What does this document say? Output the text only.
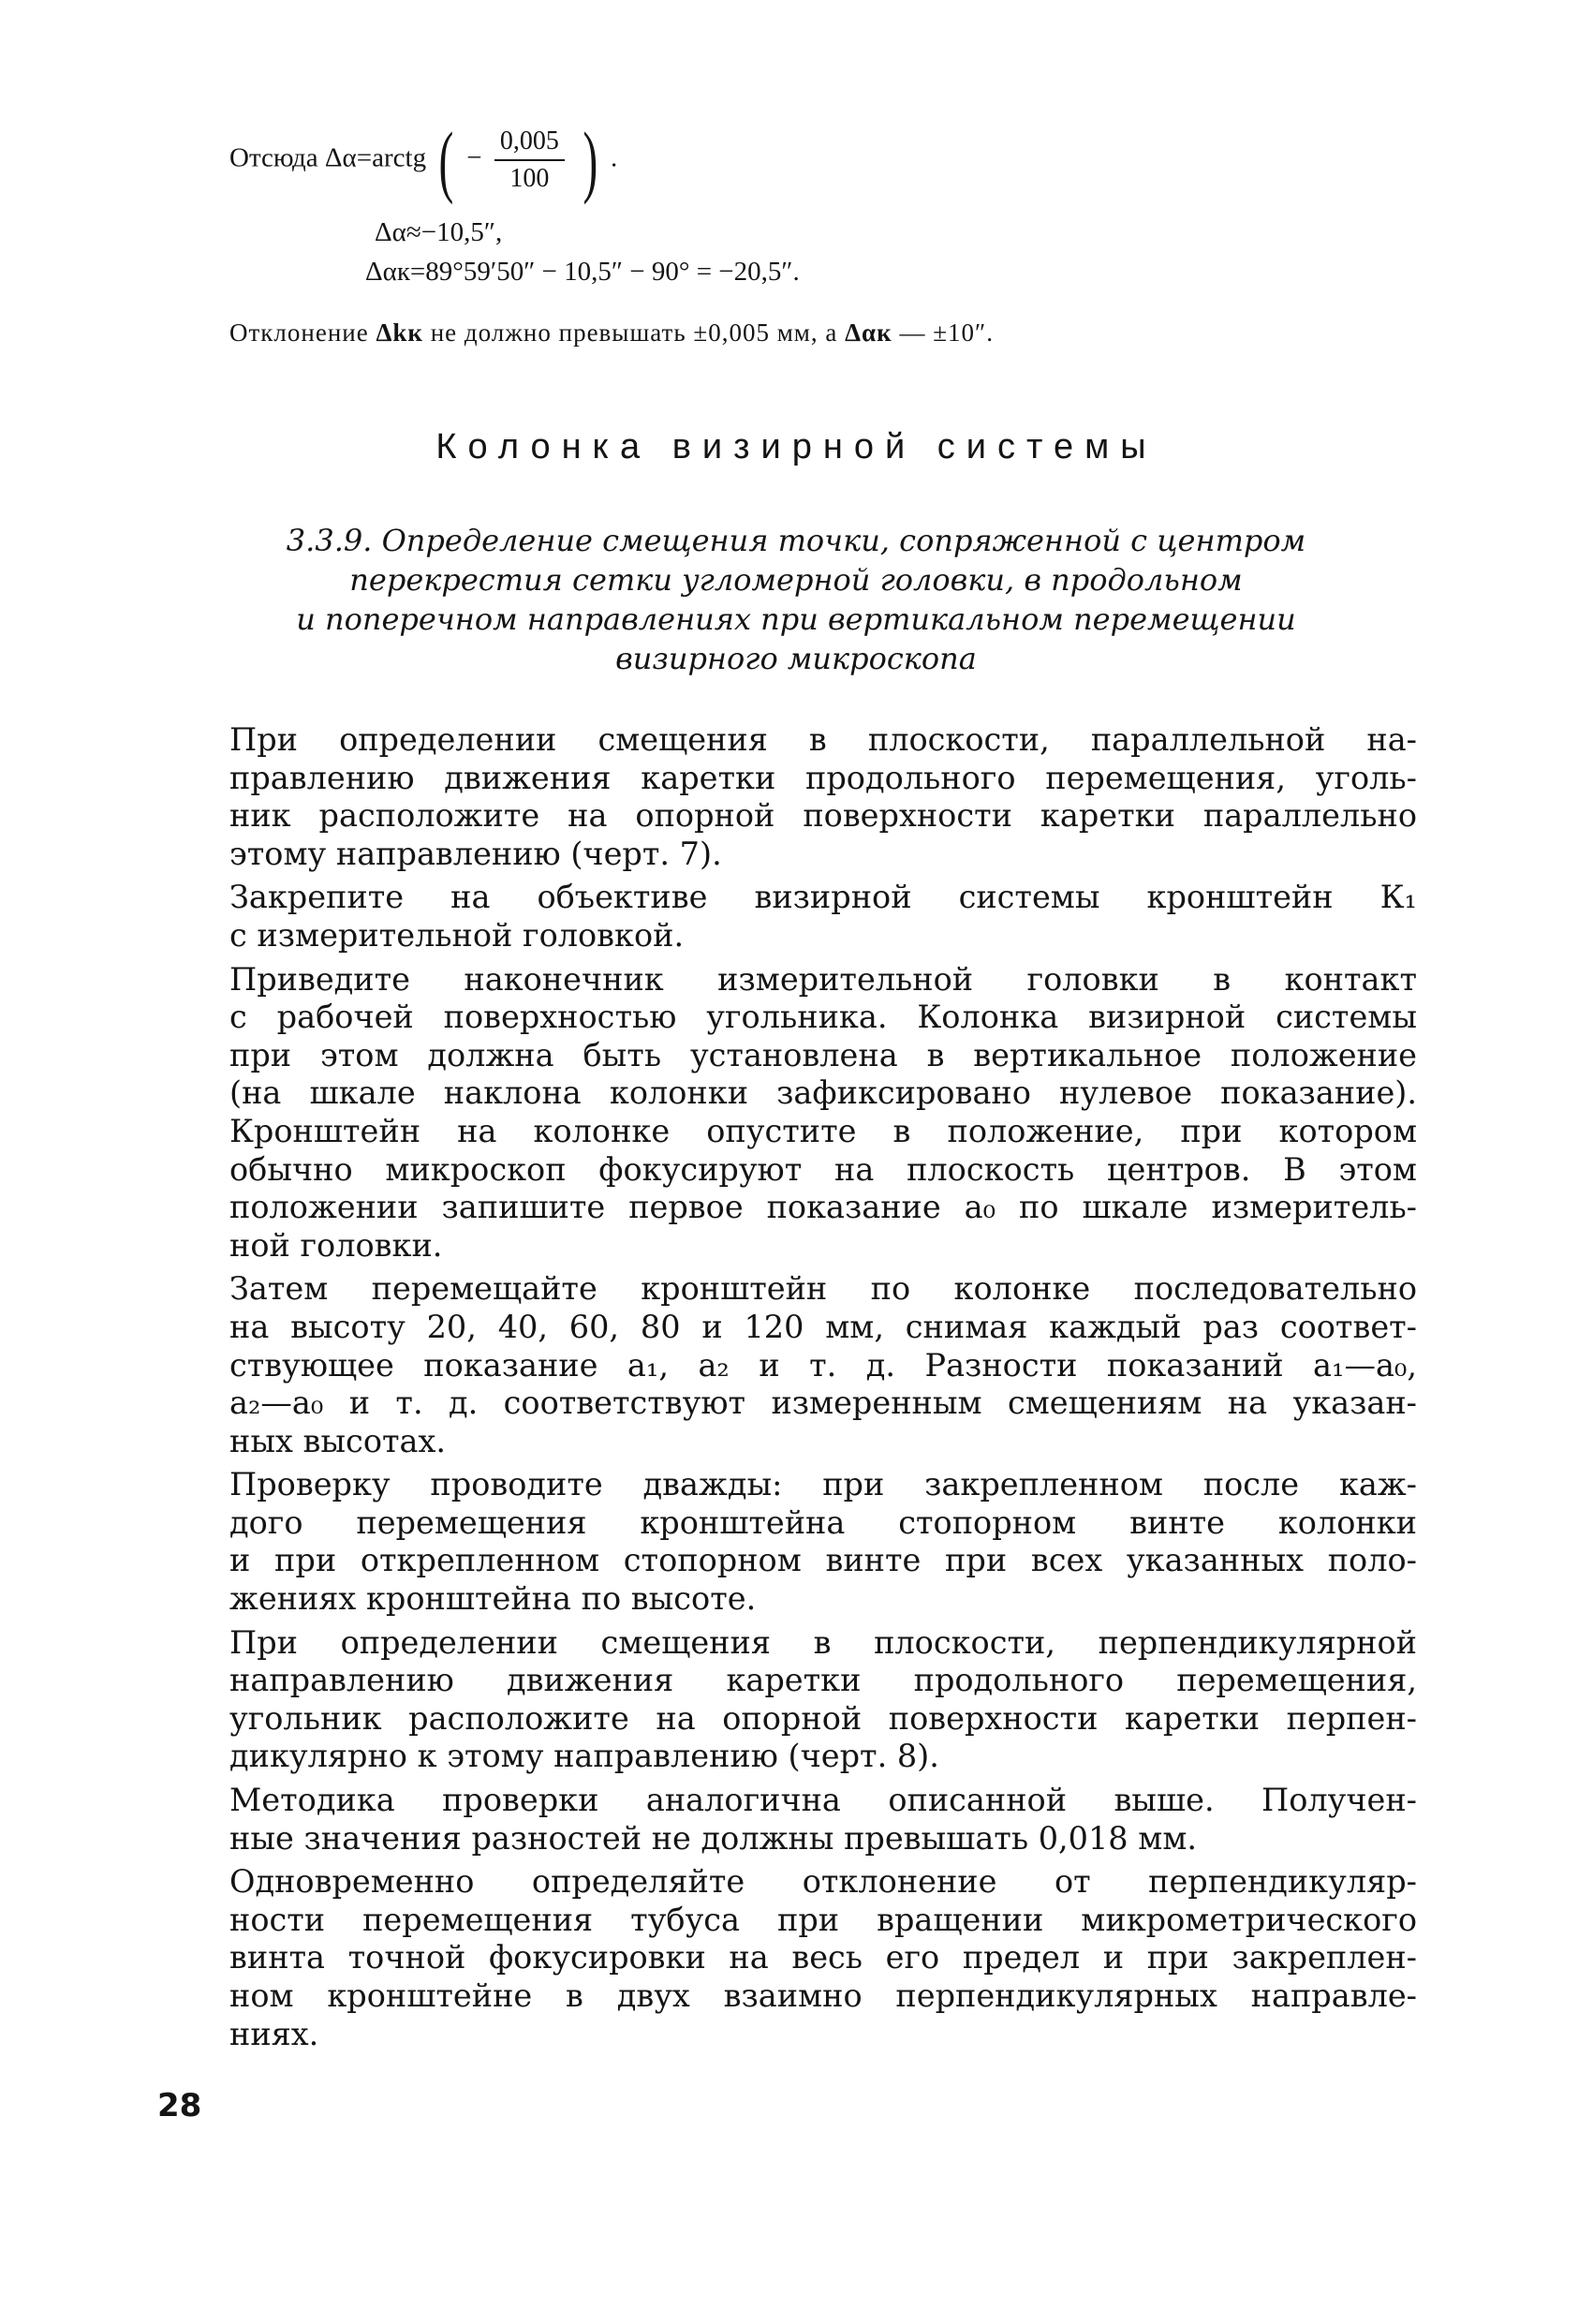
Отсюда Δα=arctg ( − $\frac{0,005}{100}$ ) .
Δα≈−10,5″,
Δαк=89°59′50″ − 10,5″ − 90° = −20,5″.
Отклонение Δkк не должно превышать ±0,005 мм, а Δαк — ±10″.
Колонка визирной системы
3.3.9. Определение смещения точки, сопряженной с центром
перекрестия сетки угломерной головки, в продольном
и поперечном направлениях при вертикальном перемещении
визирного микроскопа
При определении смещения в плоскости, параллельной на-
правлению движения каретки продольного перемещения, уголь-
ник расположите на опорной поверхности каретки параллельно
этому направлению (черт. 7).
Закрепите на объективе визирной системы кронштейн К₁
с измерительной головкой.
Приведите наконечник измерительной головки в контакт
с рабочей поверхностью угольника. Колонка визирной системы
при этом должна быть установлена в вертикальное положение
(на шкале наклона колонки зафиксировано нулевое показание).
Кронштейн на колонке опустите в положение, при котором
обычно микроскоп фокусируют на плоскость центров. В этом
положении запишите первое показание a₀ по шкале измеритель-
ной головки.
Затем перемещайте кронштейн по колонке последовательно
на высоту 20, 40, 60, 80 и 120 мм, снимая каждый раз соответ-
ствующее показание a₁, a₂ и т. д. Разности показаний a₁—a₀,
a₂—a₀ и т. д. соответствуют измеренным смещениям на указан-
ных высотах.
Проверку проводите дважды: при закрепленном после каж-
дого перемещения кронштейна стопорном винте колонки
и при открепленном стопорном винте при всех указанных поло-
жениях кронштейна по высоте.
При определении смещения в плоскости, перпендикулярной
направлению движения каретки продольного перемещения,
угольник расположите на опорной поверхности каретки перпен-
дикулярно к этому направлению (черт. 8).
Методика проверки аналогична описанной выше. Получен-
ные значения разностей не должны превышать 0,018 мм.
Одновременно определяйте отклонение от перпендикуляр-
ности перемещения тубуса при вращении микрометрического
винта точной фокусировки на весь его предел и при закреплен-
ном кронштейне в двух взаимно перпендикулярных направле-
ниях.
28
